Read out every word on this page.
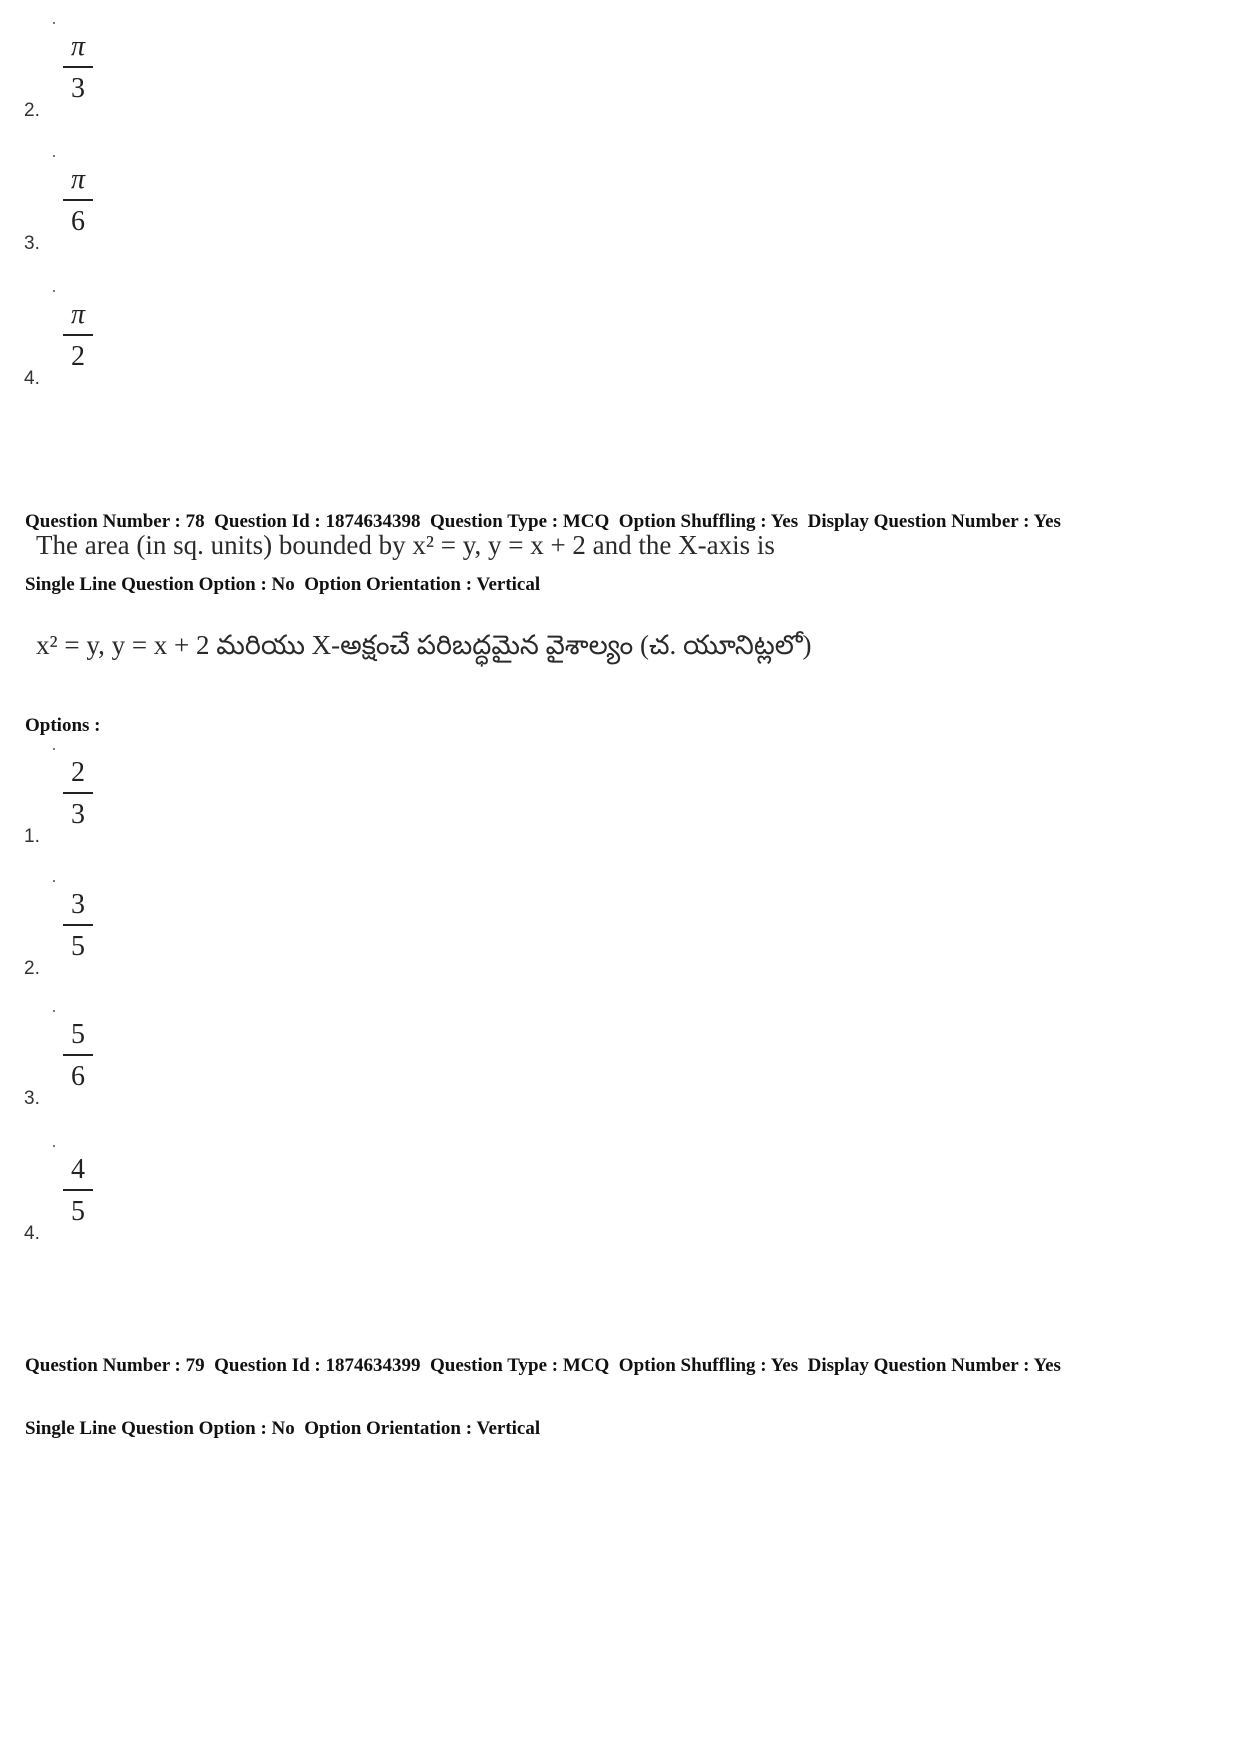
π
3
2.
π
6
3.
π
2
4.

Question Number : 78  Question Id : 1874634398  Question Type : MCQ  Option Shuffling : Yes  Display Question Number : Yes

Single Line Question Option : No  Option Orientation : Vertical

The area (in sq. units) bounded by x² = y, y = x + 2 and the X-axis is
x² = y, y = x + 2 మరియు X-అక్షంచే పరిబద్ధమైన వైశాల్యం (చ. యూనిట్లలో)
Options :
2
3
1.
3
5
2.
5
6
3.
4
5
4.

Question Number : 79  Question Id : 1874634399  Question Type : MCQ  Option Shuffling : Yes  Display Question Number : Yes

Single Line Question Option : No  Option Orientation : Vertical
